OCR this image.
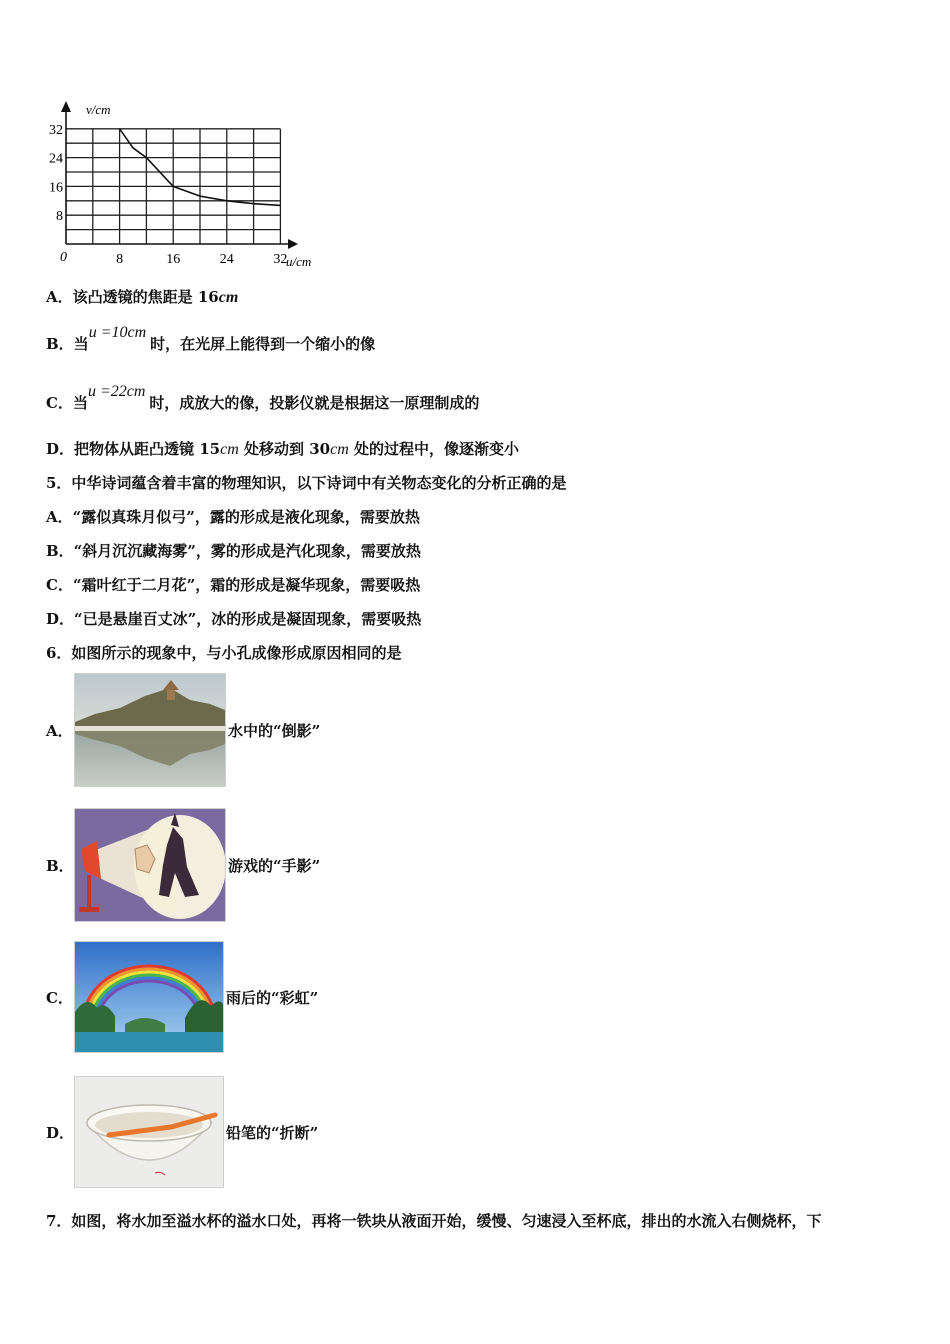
v/cm
u/cm
0	8	16	24	32
8
16
24
32
A．该凸透镜的焦距是 16cm
B．当u =10cm时，在光屏上能得到一个缩小的像
C．当u =22cm时，成放大的像，投影仪就是根据这一原理制成的
D．把物体从距凸透镜 15cm 处移动到 30cm 处的过程中，像逐渐变小
5．中华诗词蕴含着丰富的物理知识，以下诗词中有关物态变化的分析正确的是
A．“露似真珠月似弓”，露的形成是液化现象，需要放热
B．“斜月沉沉藏海雾”，雾的形成是汽化现象，需要放热
C．“霜叶红于二月花”，霜的形成是凝华现象，需要吸热
D．“已是悬崖百丈冰”，冰的形成是凝固现象，需要吸热
6．如图所示的现象中，与小孔成像形成原因相同的是
A．	水中的“倒影”
B．	游戏的“手影”
C．	雨后的“彩虹”
D．	铅笔的“折断”
7．如图，将水加至溢水杯的溢水口处，再将一铁块从液面开始，缓慢、匀速浸入至杯底，排出的水流入右侧烧杯，下
